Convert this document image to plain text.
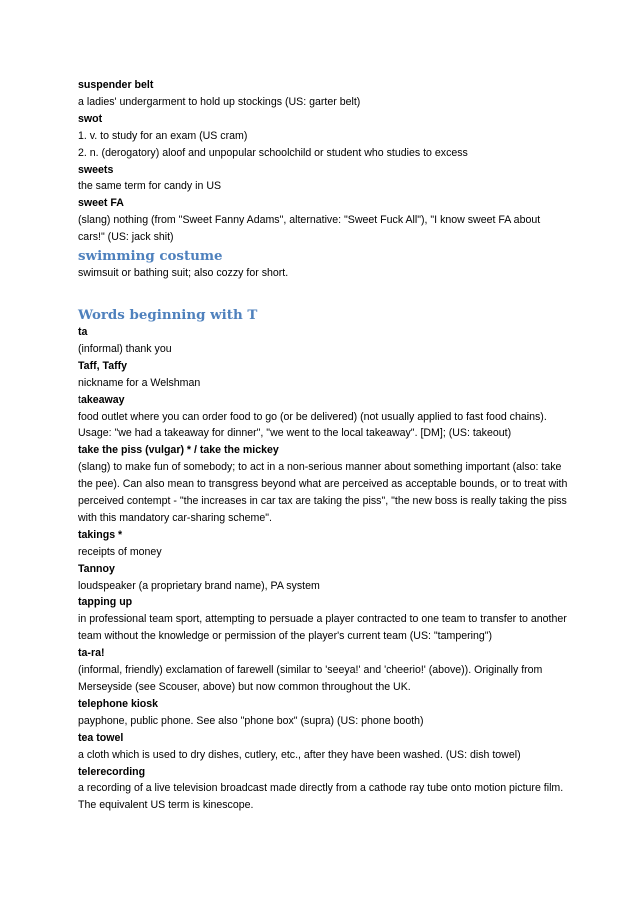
suspender belt
a ladies' undergarment to hold up stockings (US: garter belt)
swot
1. v. to study for an exam (US cram)
2. n. (derogatory) aloof and unpopular schoolchild or student who studies to excess
sweets
the same term for candy in US
sweet FA
(slang) nothing (from "Sweet Fanny Adams", alternative: "Sweet Fuck All"), "I know sweet FA about cars!" (US: jack shit)
swimming costume
swimsuit or bathing suit; also cozzy for short.
Words beginning with T
ta
(informal) thank you
Taff, Taffy
nickname for a Welshman
takeaway
food outlet where you can order food to go (or be delivered) (not usually applied to fast food chains). Usage: "we had a takeaway for dinner", "we went to the local takeaway". [DM]; (US: takeout)
take the piss (vulgar) * / take the mickey
(slang) to make fun of somebody; to act in a non-serious manner about something important (also: take the pee). Can also mean to transgress beyond what are perceived as acceptable bounds, or to treat with perceived contempt - "the increases in car tax are taking the piss", "the new boss is really taking the piss with this mandatory car-sharing scheme".
takings *
receipts of money
Tannoy
loudspeaker (a proprietary brand name), PA system
tapping up
in professional team sport, attempting to persuade a player contracted to one team to transfer to another team without the knowledge or permission of the player's current team (US: "tampering")
ta-ra!
(informal, friendly) exclamation of farewell (similar to 'seeya!' and 'cheerio!' (above)). Originally from Merseyside (see Scouser, above) but now common throughout the UK.
telephone kiosk
payphone, public phone. See also "phone box" (supra) (US: phone booth)
tea towel
a cloth which is used to dry dishes, cutlery, etc., after they have been washed. (US: dish towel)
telerecording
a recording of a live television broadcast made directly from a cathode ray tube onto motion picture film. The equivalent US term is kinescope.
